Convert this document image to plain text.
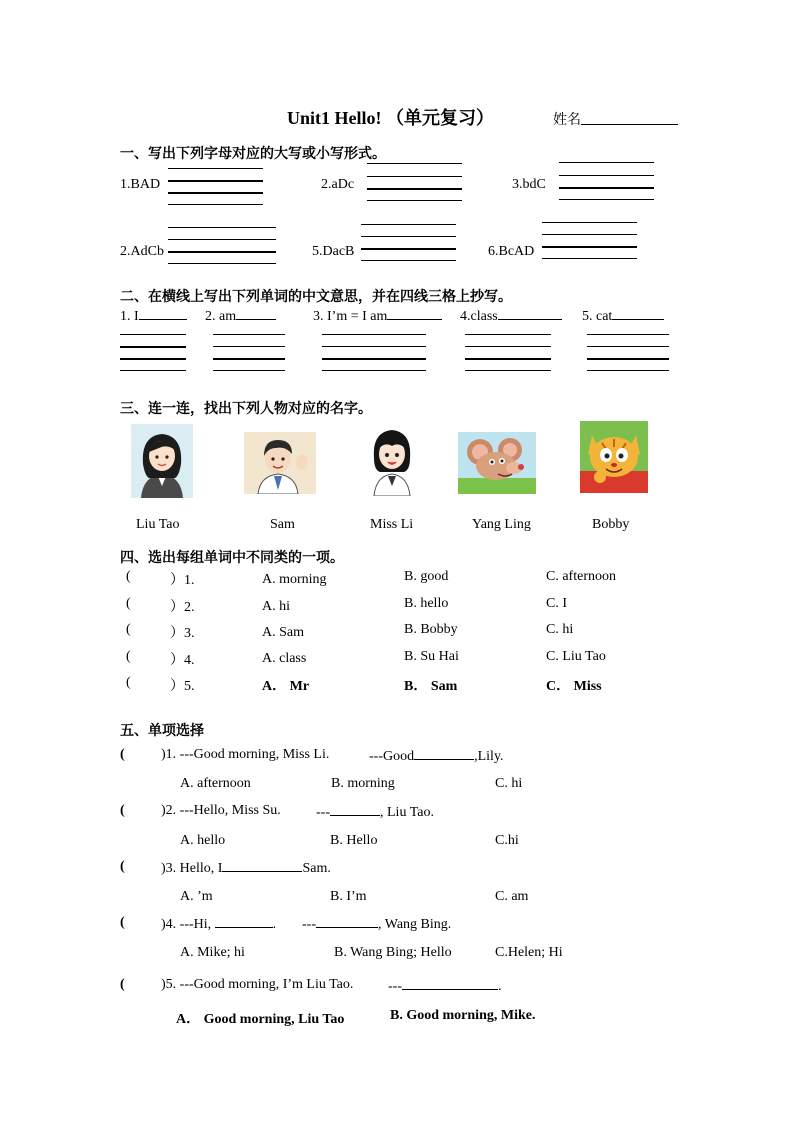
Unit1 Hello! （单元复习）	姓名
一、写出下列字母对应的大写或小写形式。
1.BAD	2.aDc	3.bdC
2.AdCb	5.DacB	6.BcAD
二、在横线上写出下列单词的中文意思，并在四线三格上抄写。
1. I	2. am	3. I’m = I am	4.class	5. cat
三、连一连，找出下列人物对应的名字。
Liu Tao	Sam	Miss Li	Yang Ling	Bobby
四、选出每组单词中不同类的一项。
(	）1.	A. morning	B. good	C. afternoon
(	）2.	A. hi	B. hello	C. I
(	）3.	A. Sam	B. Bobby	C. hi
(	）4.	A. class	B. Su Hai	C. Liu Tao
(	）5.	A． Mr	B． Sam	C． Miss
五、单项选择
(	)1. ---Good morning, Miss Li.	---Good	,Lily.
A. afternoon	B. morning	C. hi
(	)2. ---Hello, Miss Su.	---	, Liu Tao.
A. hello	B. Hello	C.hi
(	)3. Hello, I	Sam.
A. ’m	B. I’m	C. am
(	)4. ---Hi,	. ---	, Wang Bing.
A. Mike; hi	B. Wang Bing; Hello	C.Helen; Hi
(	)5. ---Good morning, I’m Liu Tao. ---	.
A． Good morning, Liu Tao	B. Good morning, Mike.
